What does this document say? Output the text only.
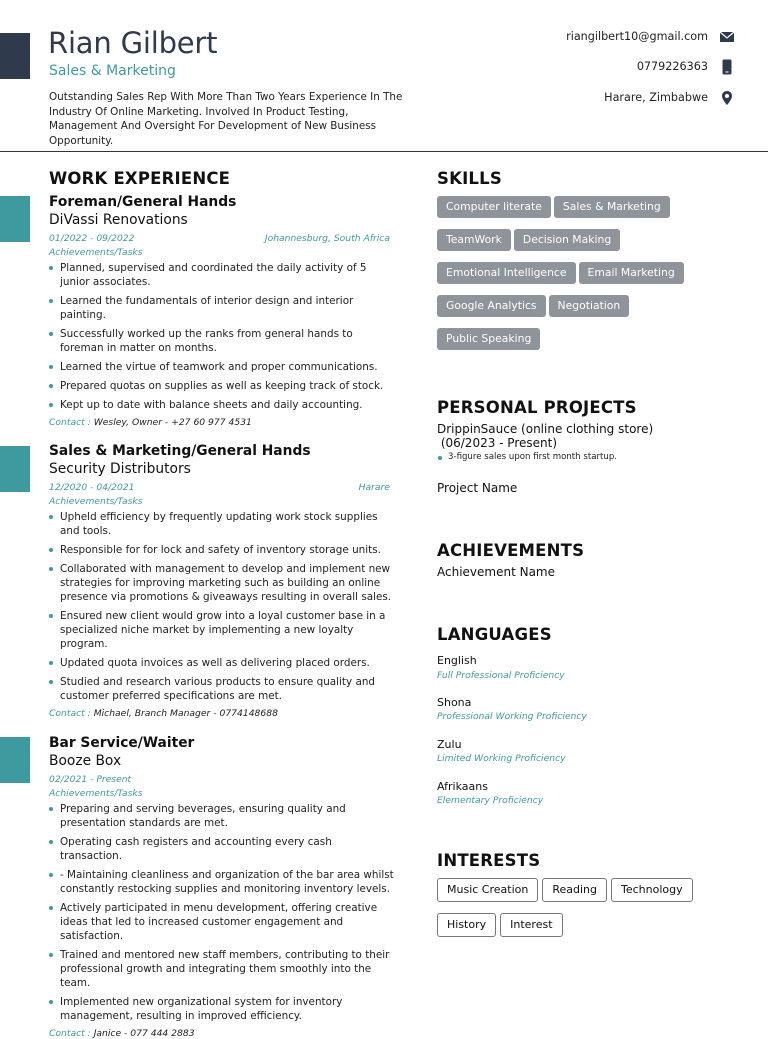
Rian Gilbert
Sales & Marketing

Outstanding Sales Rep With More Than Two Years Experience In The Industry Of Online Marketing. Involved In Product Testing, Management And Oversight For Development of New Business Opportunity.

riangilbert10@gmail.com
0779226363
Harare, Zimbabwe
WORK EXPERIENCE
Foreman/General Hands
DiVassi Renovations
01/2022 - 09/2022	Johannesburg, South Africa
Achievements/Tasks
Planned, supervised and coordinated the daily activity of 5 junior associates.
Learned the fundamentals of interior design and interior painting.
Successfully worked up the ranks from general hands to foreman in matter on months.
Learned the virtue of teamwork and proper communications.
Prepared quotas on supplies as well as keeping track of stock.
Kept up to date with balance sheets and daily accounting.
Contact : Wesley, Owner - +27 60 977 4531
Sales & Marketing/General Hands
Security Distributors
12/2020 - 04/2021	Harare
Achievements/Tasks
Upheld efficiency by frequently updating work stock supplies and tools.
Responsible for for lock and safety of inventory storage units.
Collaborated with management to develop and implement new strategies for improving marketing such as building an online presence via promotions & giveaways resulting in overall sales.
Ensured new client would grow into a loyal customer base in a specialized niche market by implementing a new loyalty program.
Updated quota invoices as well as delivering placed orders.
Studied and research various products to ensure quality and customer preferred specifications are met.
Contact : Michael, Branch Manager - 0774148688
Bar Service/Waiter
Booze Box
02/2021 - Present
Achievements/Tasks
Preparing and serving beverages, ensuring quality and presentation standards are met.
Operating cash registers and accounting every cash transaction.
- Maintaining cleanliness and organization of the bar area whilst constantly restocking supplies and monitoring inventory levels.
Actively participated in menu development, offering creative ideas that led to increased customer engagement and satisfaction.
Trained and mentored new staff members, contributing to their professional growth and integrating them smoothly into the team.
Implemented new organizational system for inventory management, resulting in improved efficiency.
Contact : Janice - 077 444 2883
SKILLS
Computer literate Sales & Marketing
TeamWork Decision Making
Emotional Intelligence Email Marketing
Google Analytics Negotiation
Public Speaking
PERSONAL PROJECTS
DrippinSauce (online clothing store)
(06/2023 - Present)
3-figure sales upon first month startup.
Project Name
ACHIEVEMENTS
Achievement Name
LANGUAGES
English
Full Professional Proficiency
Shona
Professional Working Proficiency
Zulu
Limited Working Proficiency
Afrikaans
Elementary Proficiency
INTERESTS
Music Creation Reading Technology
History Interest
